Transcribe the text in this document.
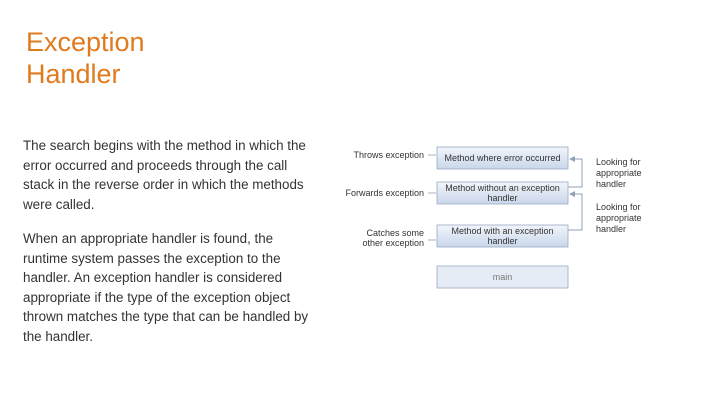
Exception
Handler

The search begins with the method in which the error occurred and proceeds through the call stack in the reverse order in which the methods were called.

When an appropriate handler is found, the runtime system passes the exception to the handler. An exception handler is considered appropriate if the type of the exception object thrown matches the type that can be handled by the handler.

Method where error occurred
Method without an exception
handler
Method with an exception
handler
main
Throws exception
Forwards exception
Catches some
other exception
Looking for
appropriate
handler
Looking for
appropriate
handler
